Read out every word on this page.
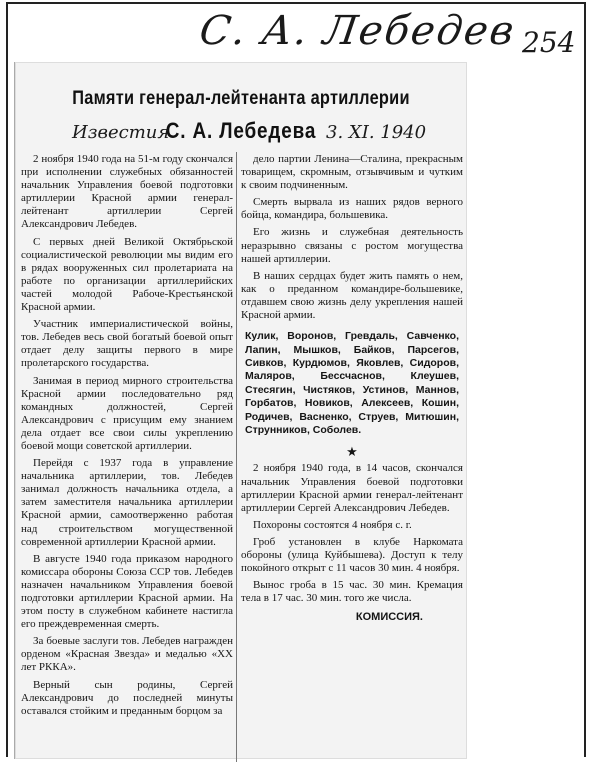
С. А. Лебедев 254
Памяти генерал-лейтенанта артиллерии
С. А. Лебедева

2 ноября 1940 года на 51-м году скончался при исполнении служебных обязанностей начальник Управления боевой подготовки артиллерии Красной армии генерал-лейтенант артиллерии Сергей Александрович Лебедев.

С первых дней Великой Октябрьской социалистической революции мы видим его в рядах вооруженных сил пролетариата на работе по организации артиллерийских частей молодой Рабоче-Крестьянской Красной армии.

Участник империалистической войны, тов. Лебедев весь свой богатый боевой опыт отдает делу защиты первого в мире пролетарского государства.

Занимая в период мирного строительства Красной армии последовательно ряд командных должностей, Сергей Александрович с присущим ему знанием дела отдает все свои силы укреплению боевой мощи советской артиллерии.

Перейдя с 1937 года в управление начальника артиллерии, тов. Лебедев занимал должность начальника отдела, а затем заместителя начальника артиллерии Красной армии, самоотверженно работая над строительством могущественной современной артиллерии Красной армии.

В августе 1940 года приказом народного комиссара обороны Союза ССР тов. Лебедев назначен начальником Управления боевой подготовки артиллерии Красной армии. На этом посту в служебном кабинете настигла его преждевременная смерть.

За боевые заслуги тов. Лебедев награжден орденом «Красная Звезда» и медалью «XX лет РККА».

Верный сын родины, Сергей Александрович до последней минуты оставался стойким и преданным борцом за

дело партии Ленина—Сталина, прекрасным товарищем, скромным, отзывчивым и чутким к своим подчиненным.

Смерть вырвала из наших рядов верного бойца, командира, большевика.

Его жизнь и служебная деятельность неразрывно связаны с ростом могущества нашей артиллерии.

В наших сердцах будет жить память о нем, как о преданном командире-большевике, отдавшем свою жизнь делу укрепления нашей Красной армии.

Кулик, Воронов, Гревдаль, Савченко, Лапин, Мышков, Байков, Парсегов, Сивков, Курдюмов, Яковлев, Сидоров, Маляров, Бессчаснов, Клеушев, Стесягин, Чистяков, Устинов, Маннов, Горбатов, Новиков, Алексеев, Кошин, Родичев, Васненко, Струев, Митюшин, Струнников, Соболев.
★

2 ноября 1940 года, в 14 часов, скончался начальник Управления боевой подготовки артиллерии Красной армии генерал-лейтенант артиллерии Сергей Александрович Лебедев.

Похороны состоятся 4 ноября с. г.

Гроб установлен в клубе Наркомата обороны (улица Куйбышева). Доступ к телу покойного открыт с 11 часов 30 мин. 4 ноября.

Вынос гроба в 15 час. 30 мин. Кремация тела в 17 час. 30 мин. того же числа.

КОМИССИЯ.
Известия	3. XI. 1940
